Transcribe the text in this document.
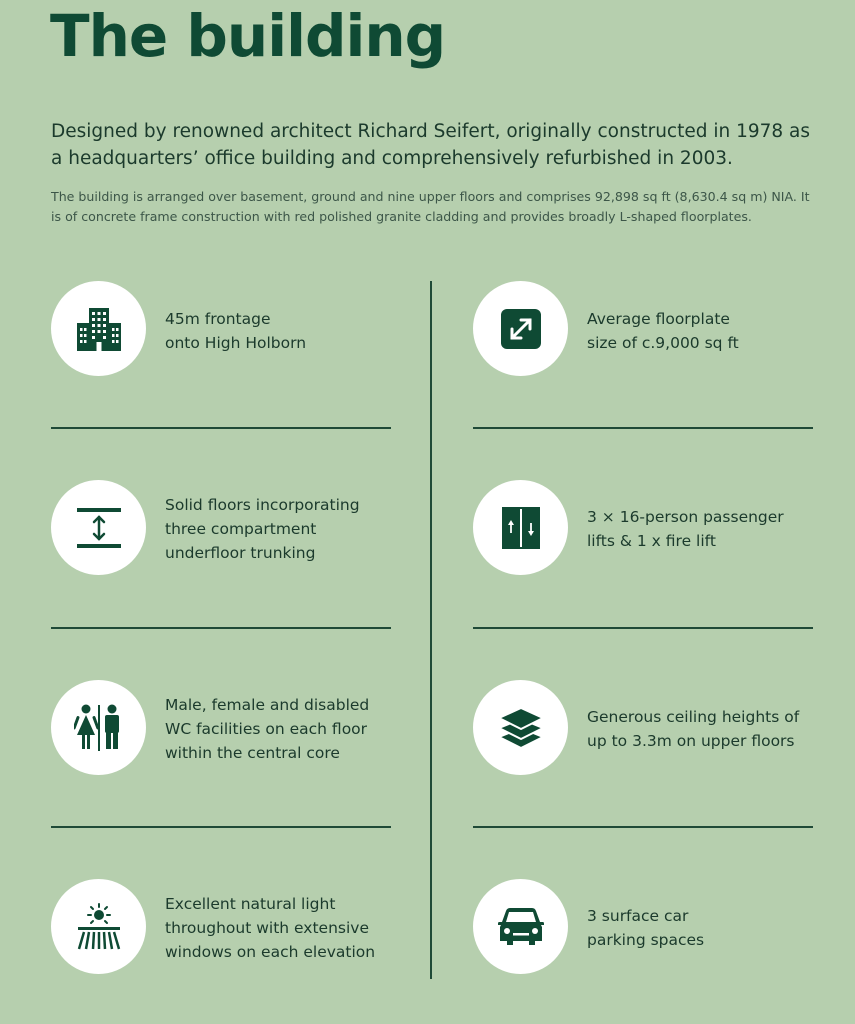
The building

Designed by renowned architect Richard Seifert, originally constructed in 1978 as a headquarters’ office building and comprehensively refurbished in 2003.

The building is arranged over basement, ground and nine upper floors and comprises 92,898 sq ft (8,630.4 sq m) NIA. It is of concrete frame construction with red polished granite cladding and provides broadly L-shaped floorplates.

45m frontage
onto High Holborn
Average floorplate
size of c.9,000 sq ft
Solid floors incorporating
three compartment
underfloor trunking
3 × 16-person passenger
lifts & 1 x fire lift
Male, female and disabled
WC facilities on each floor
within the central core
Generous ceiling heights of
up to 3.3m on upper floors
Excellent natural light
throughout with extensive
windows on each elevation
3 surface car
parking spaces
